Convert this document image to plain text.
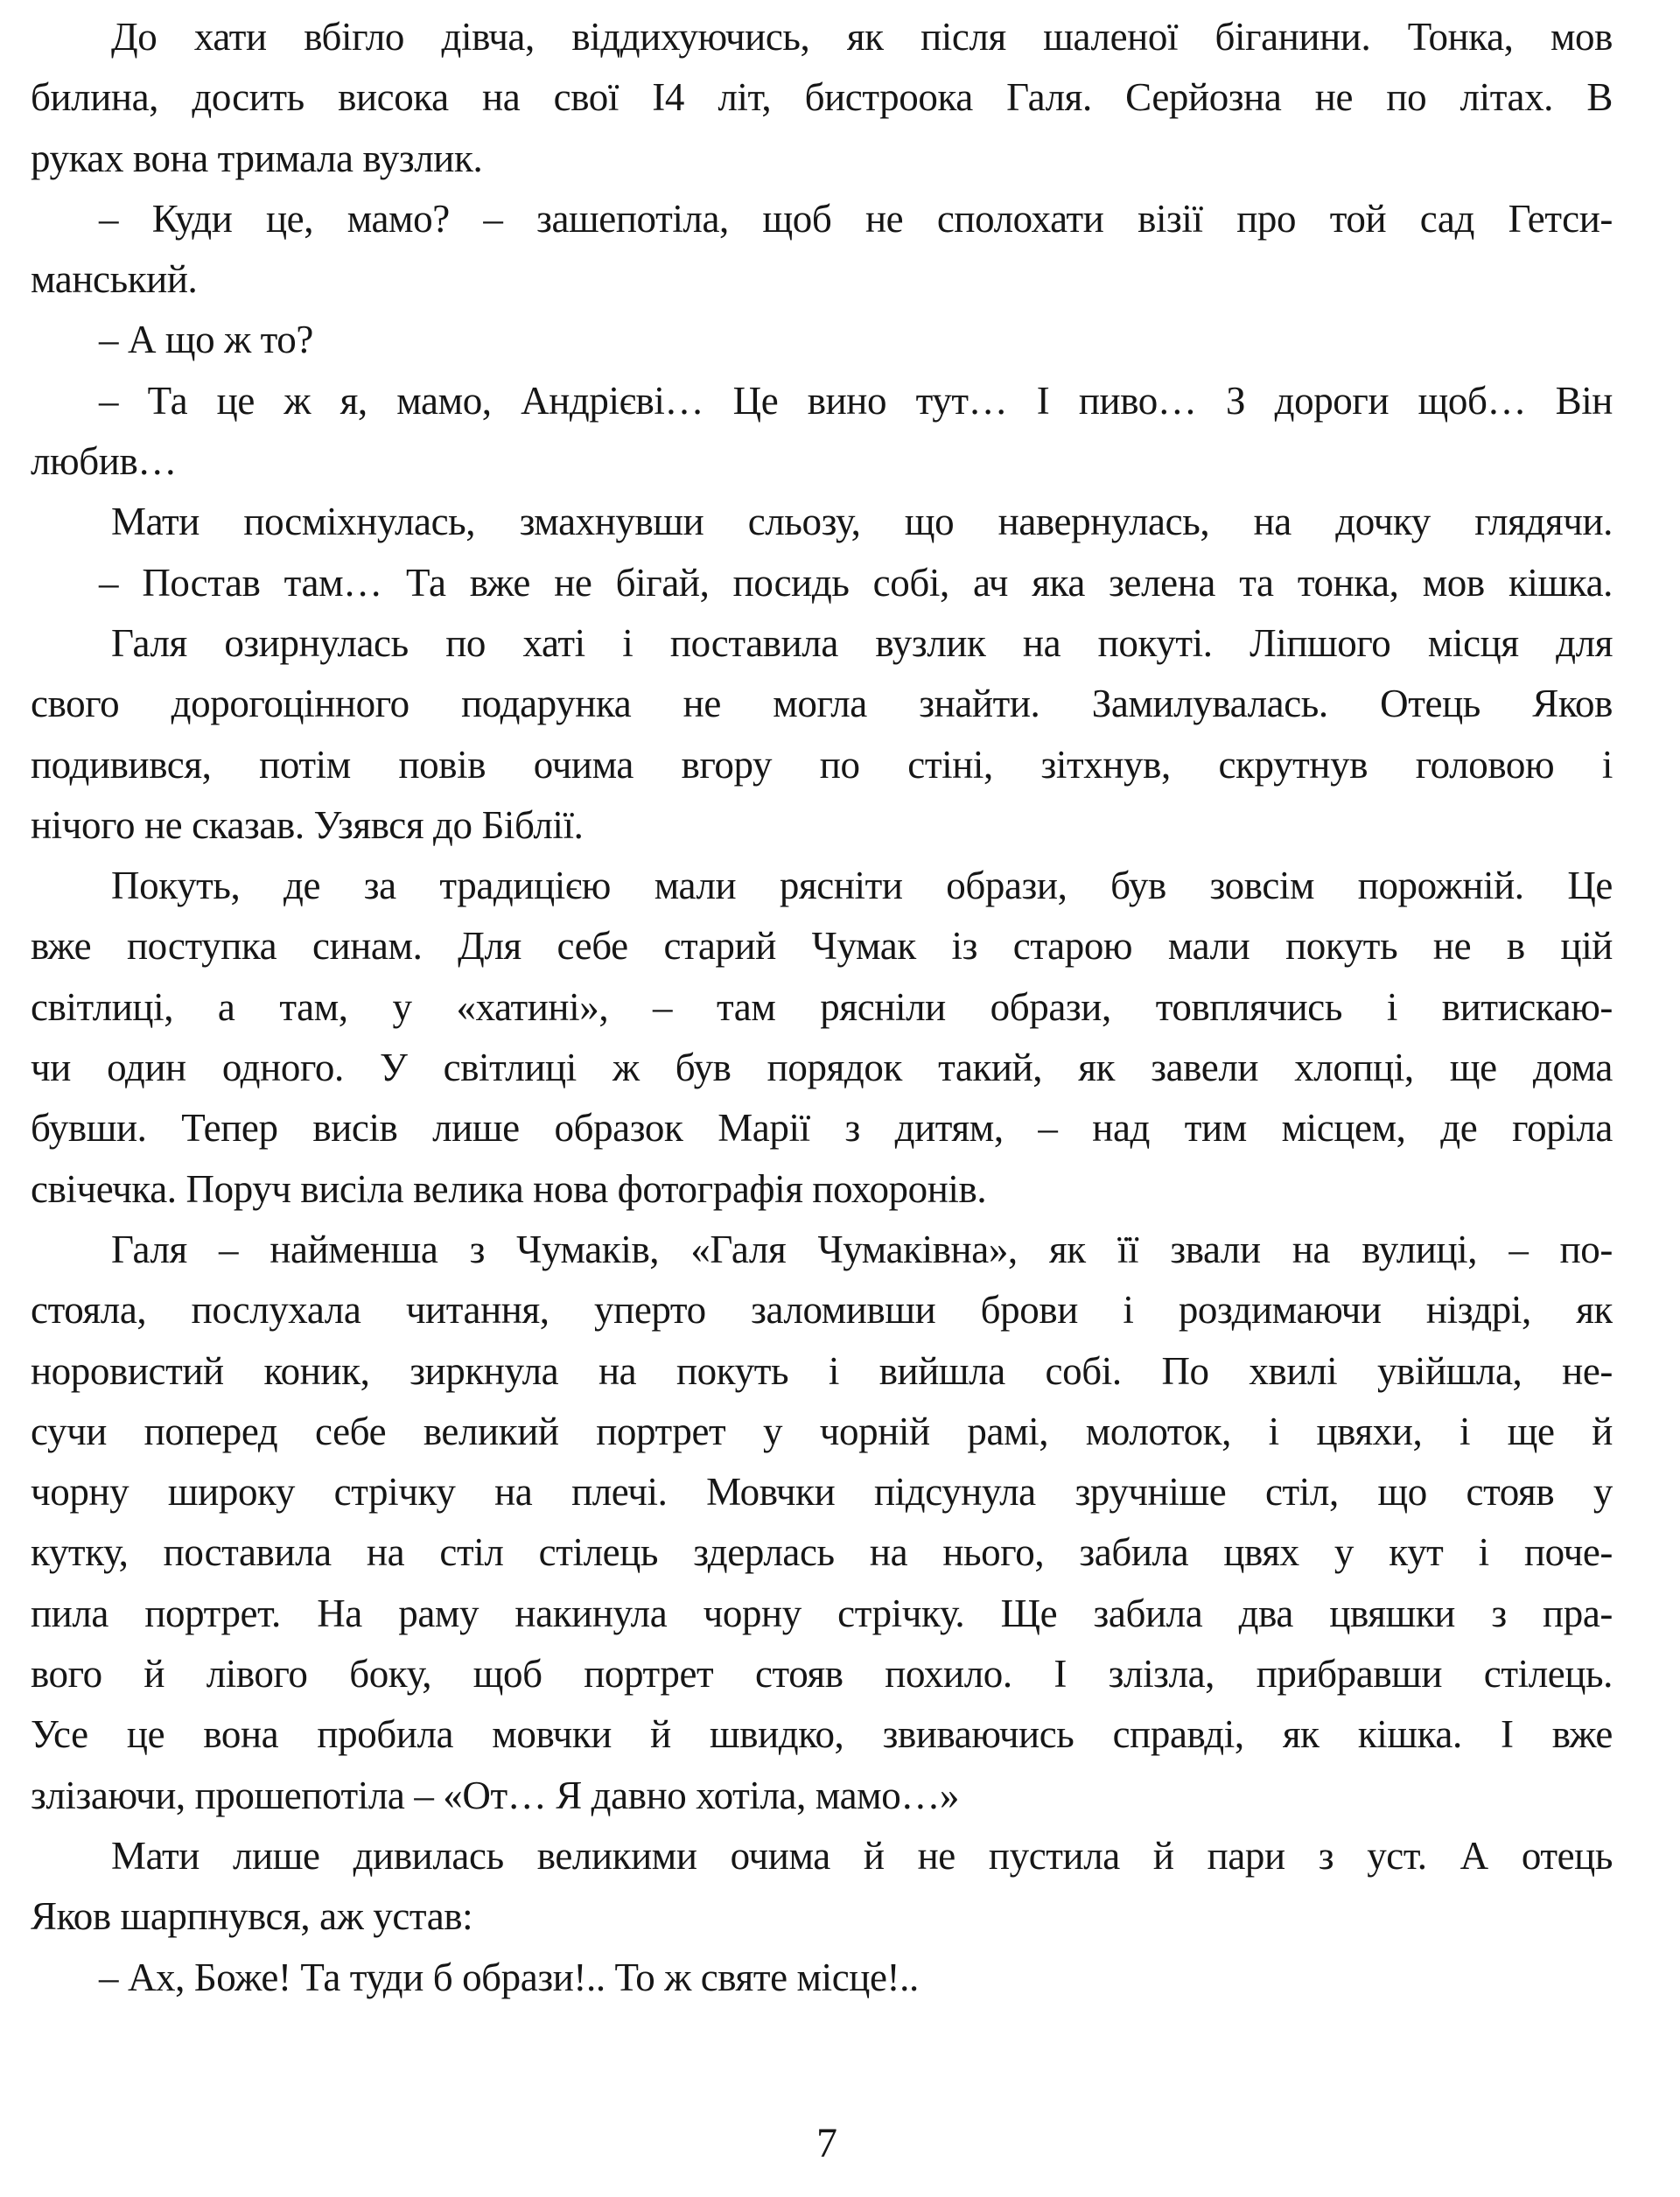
До хати вбігло дівча, віддихуючись, як після шаленої біганини. Тонка, мов
билина, досить висока на свої І4 літ, бистроока Галя. Серйозна не по літах. В
руках вона тримала вузлик.
– Куди це, мамо? – зашепотіла, щоб не сполохати візії про той сад Гетси-
манський.
– А що ж то?
– Та це ж я, мамо, Андрієві… Це вино тут… І пиво… З дороги щоб… Він
любив…
Мати посміхнулась, змахнувши сльозу, що навернулась, на дочку глядячи.
– Постав там… Та вже не бігай, посидь собі, ач яка зелена та тонка, мов кішка.
Галя озирнулась по хаті і поставила вузлик на покуті. Ліпшого місця для
свого дорогоцінного подарунка не могла знайти. Замилувалась. Отець Яков
подивився, потім повів очима вгору по стіні, зітхнув, скрутнув головою і
нічого не сказав. Узявся до Біблії.
Покуть, де за традицією мали рясніти образи, був зовсім порожній. Це
вже поступка синам. Для себе старий Чумак із старою мали покуть не в цій
світлиці, а там, у «хатині», – там рясніли образи, товплячись і витискаю-
чи один одного. У світлиці ж був порядок такий, як завели хлопці, ще дома
бувши. Тепер висів лише образок Марії з дитям, – над тим місцем, де горіла
свічечка. Поруч висіла велика нова фотографія похоронів.
Галя – найменша з Чумаків, «Галя Чумаківна», як її звали на вулиці, – по-
стояла, послухала читання, уперто заломивши брови і роздимаючи ніздрі, як
норовистий коник, зиркнула на покуть і вийшла собі. По хвилі увійшла, не-
сучи поперед себе великий портрет у чорній рамі, молоток, і цвяхи, і ще й
чорну широку стрічку на плечі. Мовчки підсунула зручніше стіл, що стояв у
кутку, поставила на стіл стілець здерлась на нього, забила цвях у кут і поче-
пила портрет. На раму накинула чорну стрічку. Ще забила два цвяшки з пра-
вого й лівого боку, щоб портрет стояв похило. І злізла, прибравши стілець.
Усе це вона пробила мовчки й швидко, звиваючись справді, як кішка. І вже
злізаючи, прошепотіла – «От… Я давно хотіла, мамо…»
Мати лише дивилась великими очима й не пустила й пари з уст. А отець
Яков шарпнувся, аж устав:
– Ах, Боже! Та туди б образи!.. То ж святе місце!..
7
